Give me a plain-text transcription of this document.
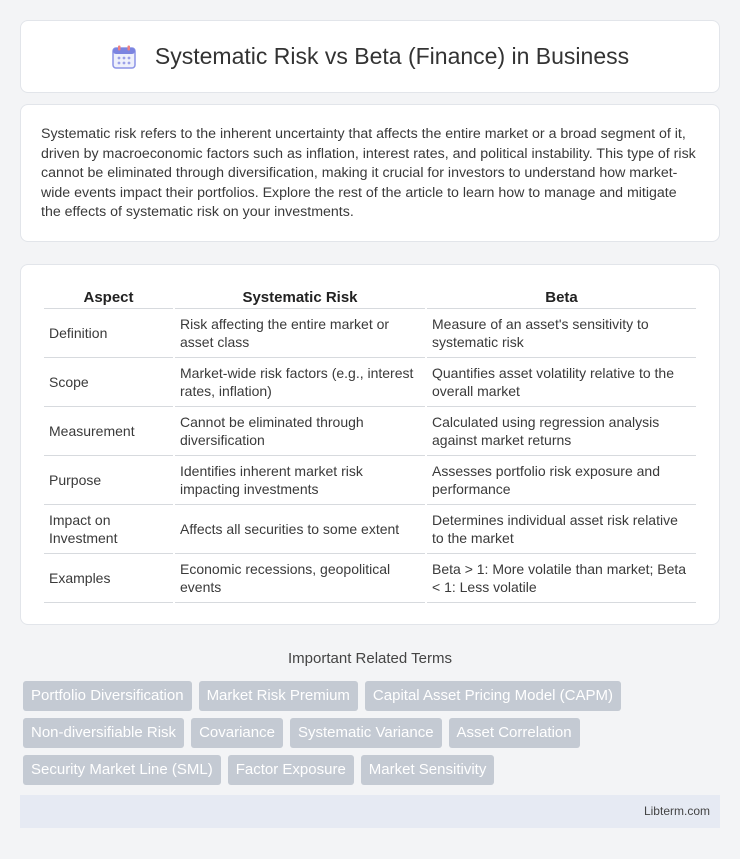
Systematic Risk vs Beta (Finance) in Business

Systematic risk refers to the inherent uncertainty that affects the entire market or a broad segment of it, driven by macroeconomic factors such as inflation, interest rates, and political instability. This type of risk cannot be eliminated through diversification, making it crucial for investors to understand how market-wide events impact their portfolios. Explore the rest of the article to learn how to manage and mitigate the effects of systematic risk on your investments.

Aspect	Systematic Risk	Beta
Definition	Risk affecting the entire market or asset class	Measure of an asset's sensitivity to systematic risk
Scope	Market-wide risk factors (e.g., interest rates, inflation)	Quantifies asset volatility relative to the overall market
Measurement	Cannot be eliminated through diversification	Calculated using regression analysis against market returns
Purpose	Identifies inherent market risk impacting investments	Assesses portfolio risk exposure and performance
Impact on Investment	Affects all securities to some extent	Determines individual asset risk relative to the market
Examples	Economic recessions, geopolitical events	Beta > 1: More volatile than market; Beta < 1: Less volatile
Important Related Terms
Portfolio Diversification	Market Risk Premium	Capital Asset Pricing Model (CAPM)
Non-diversifiable Risk	Covariance	Systematic Variance	Asset Correlation
Security Market Line (SML)	Factor Exposure	Market Sensitivity
Libterm.com
